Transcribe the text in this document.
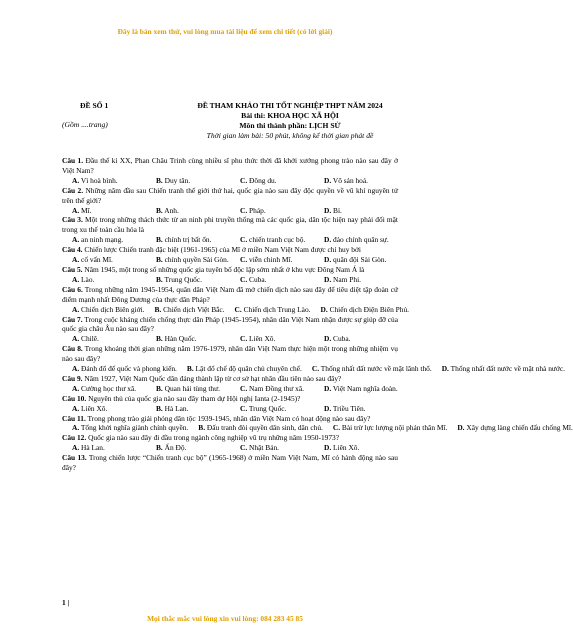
Đây là bản xem thử, vui lòng mua tài liệu để xem chi tiết (có lời giải)
ĐỀ SỐ 1
(Gồm ....trang)
ĐỀ THAM KHẢO THI TỐT NGHIỆP THPT NĂM 2024
Bài thi: KHOA HỌC XÃ HỘI
Môn thi thành phần: LỊCH SỬ
Thời gian làm bài: 50 phút, không kể thời gian phát đề
Câu 1. Đầu thế kỉ XX, Phan Châu Trinh cùng nhiều sĩ phu thức thời đã khởi xướng phong trào nào sau đây ở Việt Nam?
A. Vì hoà bình.	B. Duy tân.	C. Đông du.	D. Võ sản hoá.
Câu 2. Những năm đầu sau Chiến tranh thế giới thứ hai, quốc gia nào sau đây độc quyền về vũ khí nguyên tử trên thế giới?
A. Mĩ.	B. Anh.	C. Pháp.	D. Bỉ.
Câu 3. Một trong những thách thức từ an ninh phi truyền thống mà các quốc gia, dân tộc hiện nay phải đối mặt trong xu thế toàn cầu hóa là
A. an ninh mạng.	B. chính trị bất ổn.	C. chiến tranh cục bộ.	D. đảo chính quân sự.
Câu 4. Chiến lược Chiến tranh đặc biệt (1961-1965) của Mĩ ở miền Nam Việt Nam được chỉ huy bởi
A. cố vấn Mĩ.	B. chính quyền Sài Gòn.	C. viễn chinh Mĩ.	D. quân đội Sài Gòn.
Câu 5. Năm 1945, một trong số những quốc gia tuyên bố độc lập sớm nhất ở khu vực Đông Nam Á là
A. Lào.	B. Trung Quốc.	C. Cuba.	D. Nam Phi.
Câu 6. Trong những năm 1945-1954, quân dân Việt Nam đã mở chiến dịch nào sau đây để tiêu diệt tập đoàn cứ điểm mạnh nhất Đông Dương của thực dân Pháp?
A. Chiến dịch Biên giới.	B. Chiến dịch Việt Bắc.	C. Chiến dịch Trung Lào.	D. Chiến dịch Điện Biên Phủ.
Câu 7. Trong cuộc kháng chiến chống thực dân Pháp (1945-1954), nhân dân Việt Nam nhận được sự giúp đỡ của quốc gia châu Âu nào sau đây?
A. Chilê.	B. Hàn Quốc.	C. Liên Xô.	D. Cuba.
Câu 8. Trong khoảng thời gian những năm 1976-1979, nhân dân Việt Nam thực hiện một trong những nhiệm vụ nào sau đây?
A. Đánh đổ đế quốc và phong kiến.	B. Lật đổ chế độ quân chủ chuyên chế.	C. Thống nhất đất nước về mặt lãnh thổ.	D. Thống nhất đất nước về mặt nhà nước.
Câu 9. Năm 1927, Việt Nam Quốc dân đảng thành lập từ cơ sở hạt nhân đầu tiên nào sau đây?
A. Cường học thư xã.	B. Quan hải tùng thư.	C. Nam Đồng thư xã.	D. Việt Nam nghĩa đoàn.
Câu 10. Nguyên thủ của quốc gia nào sau đây tham dự Hội nghị Ianta (2-1945)?
A. Liên Xô.	B. Hà Lan.	C. Trung Quốc.	D. Triều Tiên.
Câu 11. Trong phong trào giải phóng dân tộc 1939-1945, nhân dân Việt Nam có hoạt động nào sau đây?
A. Tổng khởi nghĩa giành chính quyền.	B. Đấu tranh đòi quyền dân sinh, dân chủ.	C. Bài trừ lực lượng nội phản thân Mĩ.	D. Xây dựng làng chiến đấu chống Mĩ.
Câu 12. Quốc gia nào sau đây đi đầu trong ngành công nghiệp vũ trụ những năm 1950-1973?
A. Hà Lan.	B. Ấn Độ.	C. Nhật Bản.	D. Liên Xô.
Câu 13. Trong chiến lược “Chiến tranh cục bộ” (1965-1968) ở miền Nam Việt Nam, Mĩ có hành động nào sau đây?
1 |
Mọi thắc mắc vui lòng xin vui lòng: 084 283 45 85
